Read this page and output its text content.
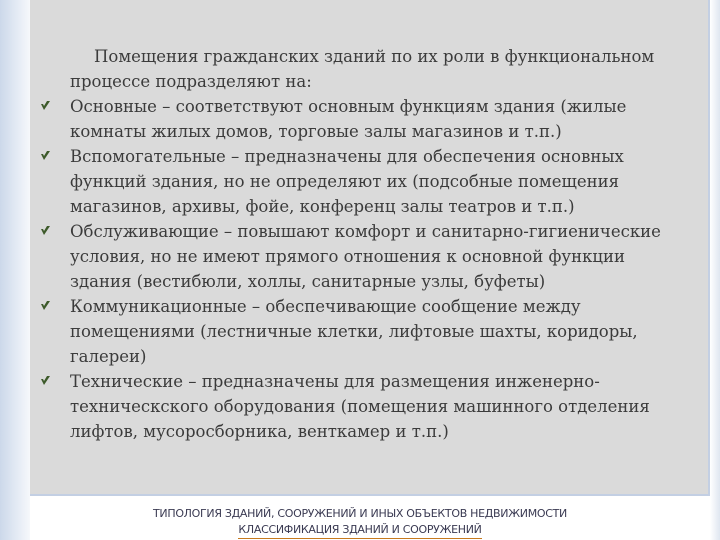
Помещения гражданских зданий по их роли в функциональном процессе подразделяют на:

Основные – соответствуют основным функциям здания (жилые комнаты жилых домов, торговые залы магазинов и т.п.)
Вспомогательные – предназначены для обеспечения основных функций здания, но не определяют их (подсобные помещения магазинов, архивы, фойе, конференц залы театров и т.п.)
Обслуживающие – повышают комфорт и санитарно-гигиенические условия, но не имеют прямого отношения к основной функции здания (вестибюли, холлы, санитарные узлы, буфеты)
Коммуникационные – обеспечивающие сообщение между помещениями (лестничные клетки, лифтовые шахты, коридоры, галереи)
Технические – предназначены для размещения инженерно-техническского оборудования (помещения машинного отделения лифтов, мусоросборника, венткамер и т.п.)
ТИПОЛОГИЯ ЗДАНИЙ, СООРУЖЕНИЙ И ИНЫХ ОБЪЕКТОВ НЕДВИЖИМОСТИ
КЛАССИФИКАЦИЯ ЗДАНИЙ И СООРУЖЕНИЙ
